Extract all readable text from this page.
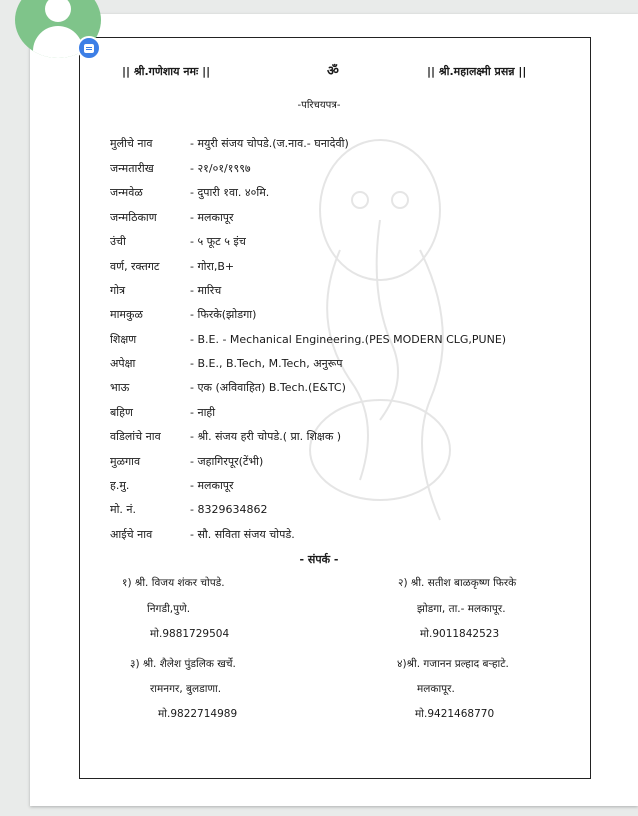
|| श्री.गणेशाय नमः ||	ॐ	|| श्री.महालक्ष्मी प्रसन्न ||
-परिचयपत्र-
मुलीचे नाव	- मयुरी संजय चोपडे.(ज.नाव.- घनादेवी)
जन्मतारीख	- २१/०१/१९९७
जन्मवेळ	- दुपारी १वा. ४०मि.
जन्मठिकाण	- मलकापूर
उंची	- ५ फूट ५ इंच
वर्ण, रक्तगट	- गोरा,B+
गोत्र	- मारिच
मामकुळ	- फिरके(झोडगा)
शिक्षण	- B.E. - Mechanical Engineering.(PES MODERN CLG,PUNE)
अपेक्षा	- B.E., B.Tech, M.Tech, अनुरूप
भाऊ	- एक (अविवाहित) B.Tech.(E&TC)
बहिण	- नाही
वडिलांचे नाव	- श्री. संजय हरी चोपडे.( प्रा. शिक्षक )
मुळगाव	- जहागिरपूर(टेंभी)
ह.मु.	- मलकापूर
मो. नं.	- 8329634862
आईचे नाव	- सौ. सविता संजय चोपडे.
- संपर्क -
१) श्री. विजय शंकर चोपडे.
निगडी,पुणे.
मो.9881729504
२) श्री. सतीश बाळकृष्ण फिरके
झोडगा, ता.- मलकापूर.
मो.9011842523
३) श्री. शैलेश पुंडलिक खर्चे.
रामनगर, बुलडाणा.
मो.9822714989
४)श्री. गजानन प्रल्हाद बऱ्हाटे.
मलकापूर.
मो.9421468770
